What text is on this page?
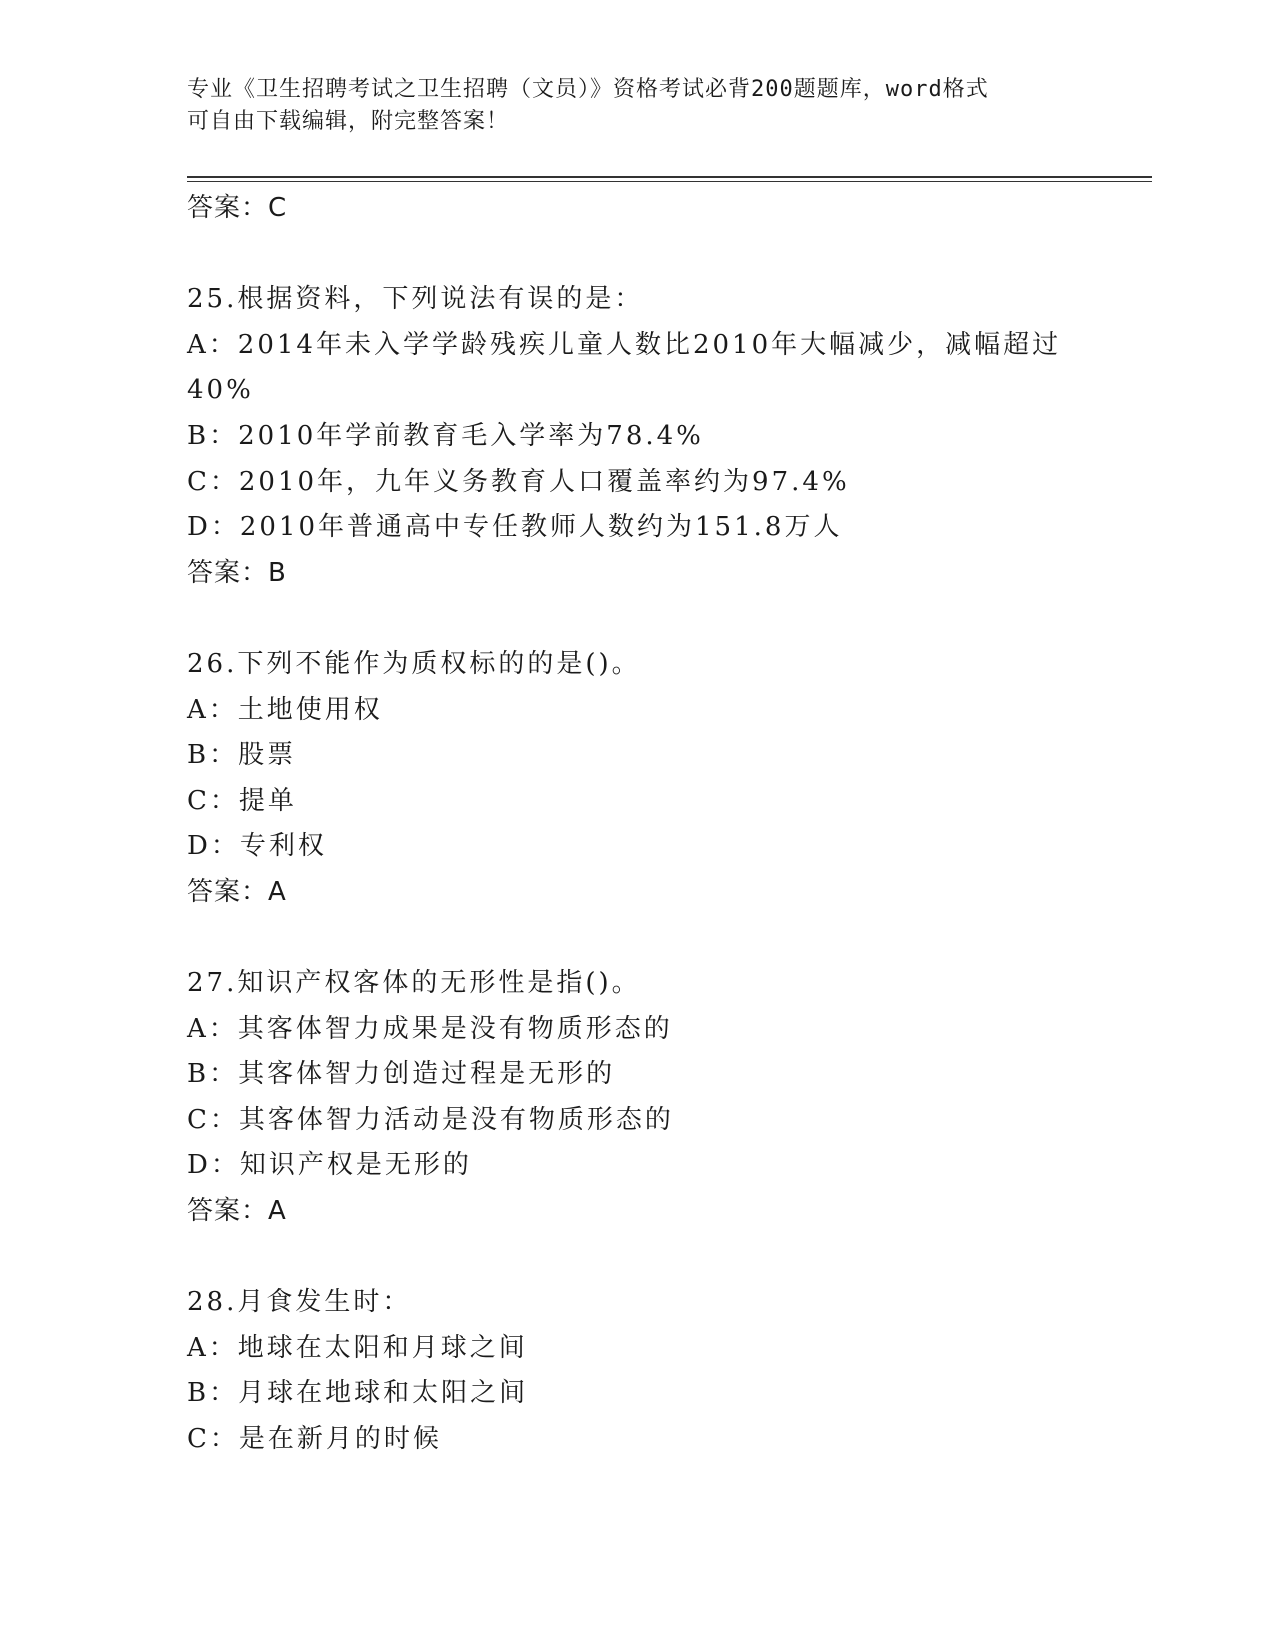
专业《卫生招聘考试之卫生招聘（文员）》资格考试必背200题题库，word格式
可自由下载编辑，附完整答案！
答案：C
25.根据资料，下列说法有误的是：
A：2014年未入学学龄残疾儿童人数比2010年大幅减少，减幅超过
40%
B：2010年学前教育毛入学率为78.4%
C：2010年，九年义务教育人口覆盖率约为97.4%
D：2010年普通高中专任教师人数约为151.8万人
答案：B
26.下列不能作为质权标的的是()。
A：土地使用权
B：股票
C：提单
D：专利权
答案：A
27.知识产权客体的无形性是指()。
A：其客体智力成果是没有物质形态的
B：其客体智力创造过程是无形的
C：其客体智力活动是没有物质形态的
D：知识产权是无形的
答案：A
28.月食发生时：
A：地球在太阳和月球之间
B：月球在地球和太阳之间
C：是在新月的时候
